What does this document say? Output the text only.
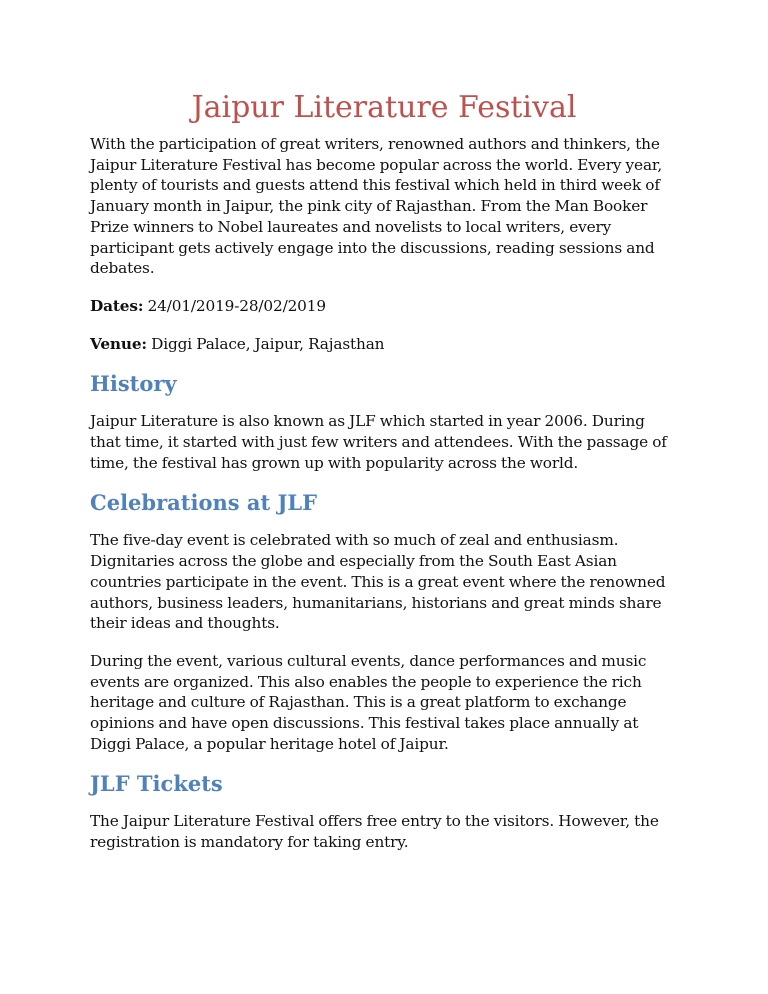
Jaipur Literature Festival

With the participation of great writers, renowned authors and thinkers, the Jaipur Literature Festival has become popular across the world. Every year, plenty of tourists and guests attend this festival which held in third week of January month in Jaipur, the pink city of Rajasthan. From the Man Booker Prize winners to Nobel laureates and novelists to local writers, every participant gets actively engage into the discussions, reading sessions and debates.

Dates: 24/01/2019-28/02/2019

Venue: Diggi Palace, Jaipur, Rajasthan

History

Jaipur Literature is also known as JLF which started in year 2006. During that time, it started with just few writers and attendees. With the passage of time, the festival has grown up with popularity across the world.

Celebrations at JLF

The five-day event is celebrated with so much of zeal and enthusiasm. Dignitaries across the globe and especially from the South East Asian countries participate in the event. This is a great event where the renowned authors, business leaders, humanitarians, historians and great minds share their ideas and thoughts.

During the event, various cultural events, dance performances and music events are organized. This also enables the people to experience the rich heritage and culture of Rajasthan. This is a great platform to exchange opinions and have open discussions. This festival takes place annually at Diggi Palace, a popular heritage hotel of Jaipur.

JLF Tickets

The Jaipur Literature Festival offers free entry to the visitors. However, the registration is mandatory for taking entry.
